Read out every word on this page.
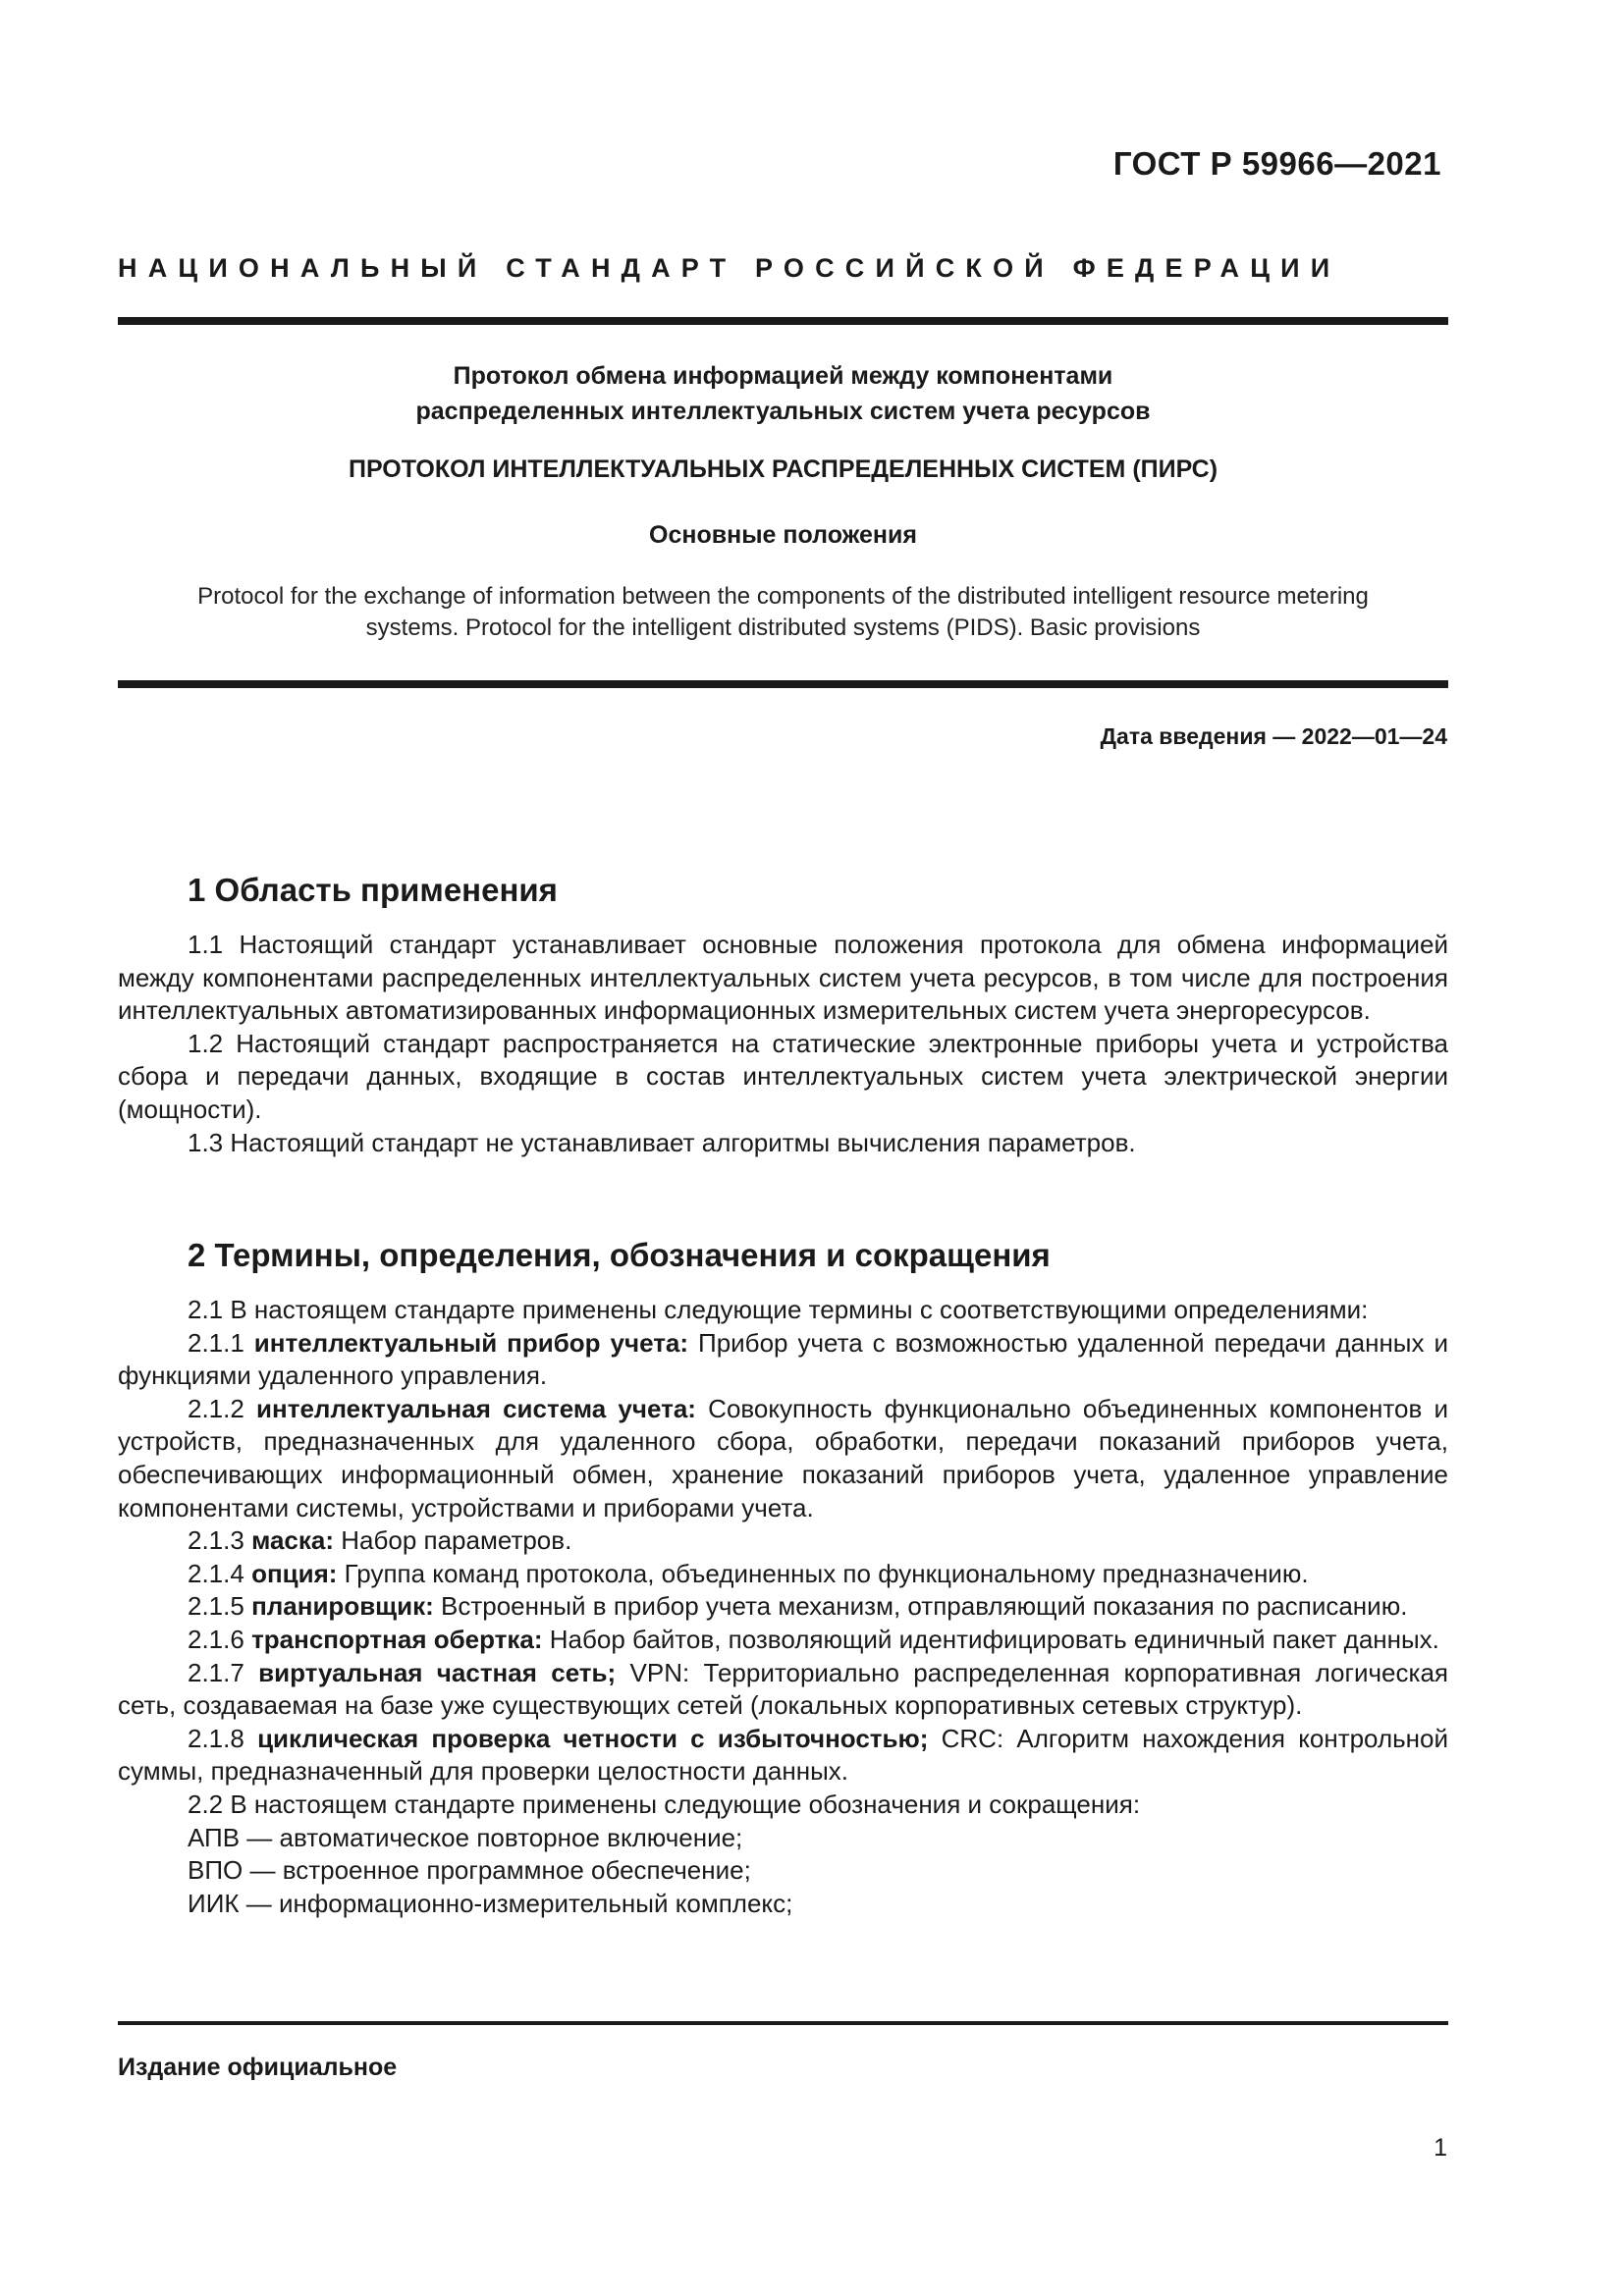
ГОСТ Р 59966—2021
НАЦИОНАЛЬНЫЙ СТАНДАРТ РОССИЙСКОЙ ФЕДЕРАЦИИ
Протокол обмена информацией между компонентами
распределенных интеллектуальных систем учета ресурсов
ПРОТОКОЛ ИНТЕЛЛЕКТУАЛЬНЫХ РАСПРЕДЕЛЕННЫХ СИСТЕМ (ПИРС)
Основные положения
Protocol for the exchange of information between the components of the distributed intelligent resource metering
systems. Protocol for the intelligent distributed systems (PIDS). Basic provisions
Дата введения — 2022—01—24
1 Область применения

1.1 Настоящий стандарт устанавливает основные положения протокола для обмена информацией между компонентами распределенных интеллектуальных систем учета ресурсов, в том числе для построения интеллектуальных автоматизированных информационных измерительных систем учета энергоресурсов.

1.2 Настоящий стандарт распространяется на статические электронные приборы учета и устройства сбора и передачи данных, входящие в состав интеллектуальных систем учета электрической энергии (мощности).

1.3 Настоящий стандарт не устанавливает алгоритмы вычисления параметров.

2 Термины, определения, обозначения и сокращения

2.1 В настоящем стандарте применены следующие термины с соответствующими определениями:

2.1.1 интеллектуальный прибор учета: Прибор учета с возможностью удаленной передачи данных и функциями удаленного управления.

2.1.2 интеллектуальная система учета: Совокупность функционально объединенных компонентов и устройств, предназначенных для удаленного сбора, обработки, передачи показаний приборов учета, обеспечивающих информационный обмен, хранение показаний приборов учета, удаленное управление компонентами системы, устройствами и приборами учета.

2.1.3 маска: Набор параметров.

2.1.4 опция: Группа команд протокола, объединенных по функциональному предназначению.

2.1.5 планировщик: Встроенный в прибор учета механизм, отправляющий показания по расписанию.

2.1.6 транспортная обертка: Набор байтов, позволяющий идентифицировать единичный пакет данных.

2.1.7 виртуальная частная сеть; VPN: Территориально распределенная корпоративная логическая сеть, создаваемая на базе уже существующих сетей (локальных корпоративных сетевых структур).

2.1.8 циклическая проверка четности с избыточностью; CRC: Алгоритм нахождения контрольной суммы, предназначенный для проверки целостности данных.

2.2 В настоящем стандарте применены следующие обозначения и сокращения:

АПВ — автоматическое повторное включение;

ВПО — встроенное программное обеспечение;

ИИК — информационно-измерительный комплекс;

Издание официальное
1
